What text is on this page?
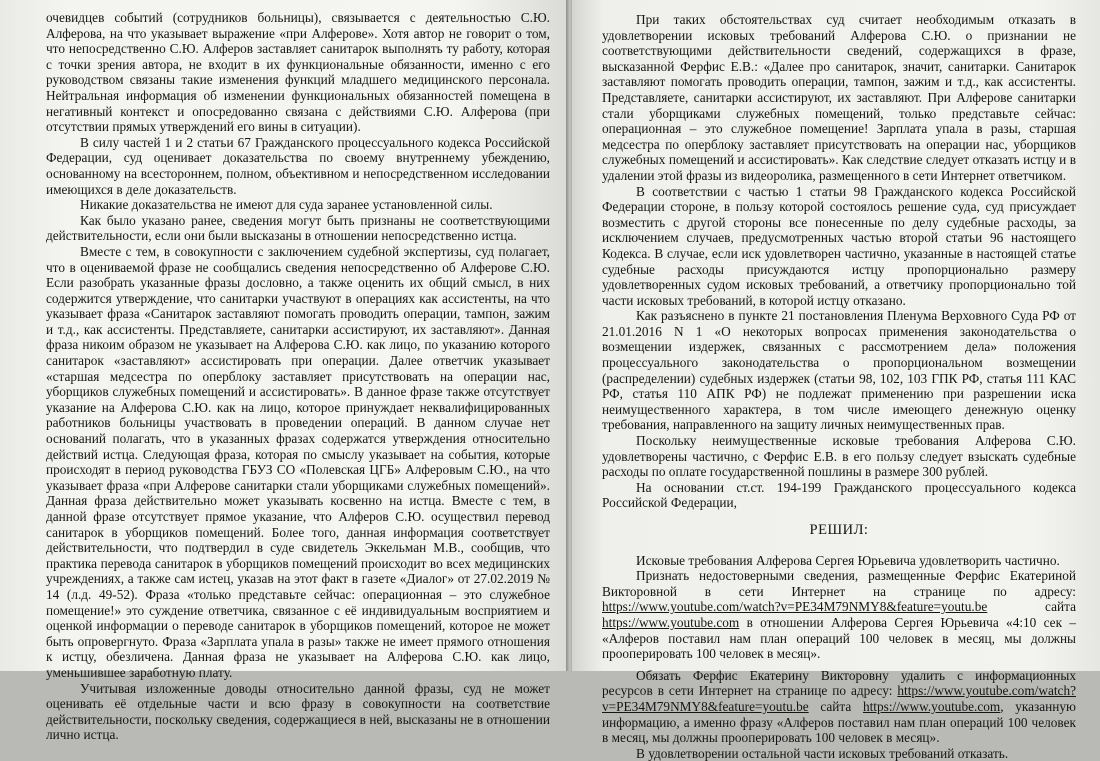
очевидцев событий (сотрудников больницы), связывается с деятельностью С.Ю. Алферова, на что указывает выражение «при Алферове». Хотя автор не говорит о том, что непосредственно С.Ю. Алферов заставляет санитарок выполнять ту работу, которая с точки зрения автора, не входит в их функциональные обязанности, именно с его руководством связаны такие изменения функций младшего медицинского персонала. Нейтральная информация об изменении функциональных обязанностей помещена в негативный контекст и опосредованно связана с действиями С.Ю. Алферова (при отсутствии прямых утверждений его вины в ситуации).

В силу частей 1 и 2 статьи 67 Гражданского процессуального кодекса Российской Федерации, суд оценивает доказательства по своему внутреннему убеждению, основанному на всестороннем, полном, объективном и непосредственном исследовании имеющихся в деле доказательств.

Никакие доказательства не имеют для суда заранее установленной силы.

Как было указано ранее, сведения могут быть признаны не соответствующими действительности, если они были высказаны в отношении непосредственно истца.

Вместе с тем, в совокупности с заключением судебной экспертизы, суд полагает, что в оцениваемой фразе не сообщались сведения непосредственно об Алферове С.Ю. Если разобрать указанные фразы дословно, а также оценить их общий смысл, в них содержится утверждение, что санитарки участвуют в операциях как ассистенты, на что указывает фраза «Санитарок заставляют помогать проводить операции, тампон, зажим и т.д., как ассистенты. Представляете, санитарки ассистируют, их заставляют». Данная фраза никоим образом не указывает на Алферова С.Ю. как лицо, по указанию которого санитарок «заставляют» ассистировать при операции. Далее ответчик указывает «старшая медсестра по оперблоку заставляет присутствовать на операции нас, уборщиков служебных помещений и ассистировать». В данное фразе также отсутствует указание на Алферова С.Ю. как на лицо, которое принуждает неквалифицированных работников больницы участвовать в проведении операций. В данном случае нет оснований полагать, что в указанных фразах содержатся утверждения относительно действий истца. Следующая фраза, которая по смыслу указывает на события, которые происходят в период руководства ГБУЗ СО «Полевская ЦГБ» Алферовым С.Ю., на что указывает фраза «при Алферове санитарки стали уборщиками служебных помещений». Данная фраза действительно может указывать косвенно на истца. Вместе с тем, в данной фразе отсутствует прямое указание, что Алферов С.Ю. осуществил перевод санитарок в уборщиков помещений. Более того, данная информация соответствует действительности, что подтвердил в суде свидетель Эккельман М.В., сообщив, что практика перевода санитарок в уборщиков помещений происходит во всех медицинских учреждениях, а также сам истец, указав на этот факт в газете «Диалог» от 27.02.2019 № 14 (л.д. 49-52). Фраза «только представьте сейчас: операционная – это служебное помещение!» это суждение ответчика, связанное с её индивидуальным восприятием и оценкой информации о переводе санитарок в уборщиков помещений, которое не может быть опровергнуто. Фраза «Зарплата упала в разы» также не имеет прямого отношения к истцу, обезличена. Данная фраза не указывает на Алферова С.Ю. как лицо, уменьшившее заработную плату.

Учитывая изложенные доводы относительно данной фразы, суд не может оценивать её отдельные части и всю фразу в совокупности на соответствие действительности, поскольку сведения, содержащиеся в ней, высказаны не в отношении лично истца.

При таких обстоятельствах суд считает необходимым отказать в удовлетворении исковых требований Алферова С.Ю. о признании не соответствующими действительности сведений, содержащихся в фразе, высказанной Ферфис Е.В.: «Далее про санитарок, значит, санитарки. Санитарок заставляют помогать проводить операции, тампон, зажим и т.д., как ассистенты. Представляете, санитарки ассистируют, их заставляют. При Алферове санитарки стали уборщиками служебных помещений, только представьте сейчас: операционная – это служебное помещение! Зарплата упала в разы, старшая медсестра по оперблоку заставляет присутствовать на операции нас, уборщиков служебных помещений и ассистировать». Как следствие следует отказать истцу и в удалении этой фразы из видеоролика, размещенного в сети Интернет ответчиком.

В соответствии с частью 1 статьи 98 Гражданского кодекса Российской Федерации стороне, в пользу которой состоялось решение суда, суд присуждает возместить с другой стороны все понесенные по делу судебные расходы, за исключением случаев, предусмотренных частью второй статьи 96 настоящего Кодекса. В случае, если иск удовлетворен частично, указанные в настоящей статье судебные расходы присуждаются истцу пропорционально размеру удовлетворенных судом исковых требований, а ответчику пропорционально той части исковых требований, в которой истцу отказано.

Как разъяснено в пункте 21 постановления Пленума Верховного Суда РФ от 21.01.2016 N 1 «О некоторых вопросах применения законодательства о возмещении издержек, связанных с рассмотрением дела» положения процессуального законодательства о пропорциональном возмещении (распределении) судебных издержек (статьи 98, 102, 103 ГПК РФ, статья 111 КАС РФ, статья 110 АПК РФ) не подлежат применению при разрешении иска неимущественного характера, в том числе имеющего денежную оценку требования, направленного на защиту личных неимущественных прав.

Поскольку неимущественные исковые требования Алферова С.Ю. удовлетворены частично, с Ферфис Е.В. в его пользу следует взыскать судебные расходы по оплате государственной пошлины в размере 300 рублей.

На основании ст.ст. 194-199 Гражданского процессуального кодекса Российской Федерации,

РЕШИЛ:

Исковые требования Алферова Сергея Юрьевича удовлетворить частично.

Признать недостоверными сведения, размещенные Ферфис Екатериной Викторовной в сети Интернет на странице по адресу: https://www.youtube.com/watch?v=PE34M79NMY8&feature=youtu.be сайта https://www.youtube.com в отношении Алферова Сергея Юрьевича «4:10 сек – «Алферов поставил нам план операций 100 человек в месяц, мы должны прооперировать 100 человек в месяц».

Обязать Ферфис Екатерину Викторовну удалить с информационных ресурсов в сети Интернет на странице по адресу: https://www.youtube.com/watch?v=PE34M79NMY8&feature=youtu.be сайта https://www.youtube.com, указанную информацию, а именно фразу «Алферов поставил нам план операций 100 человек в месяц, мы должны прооперировать 100 человек в месяц».

В удовлетворении остальной части исковых требований отказать.
